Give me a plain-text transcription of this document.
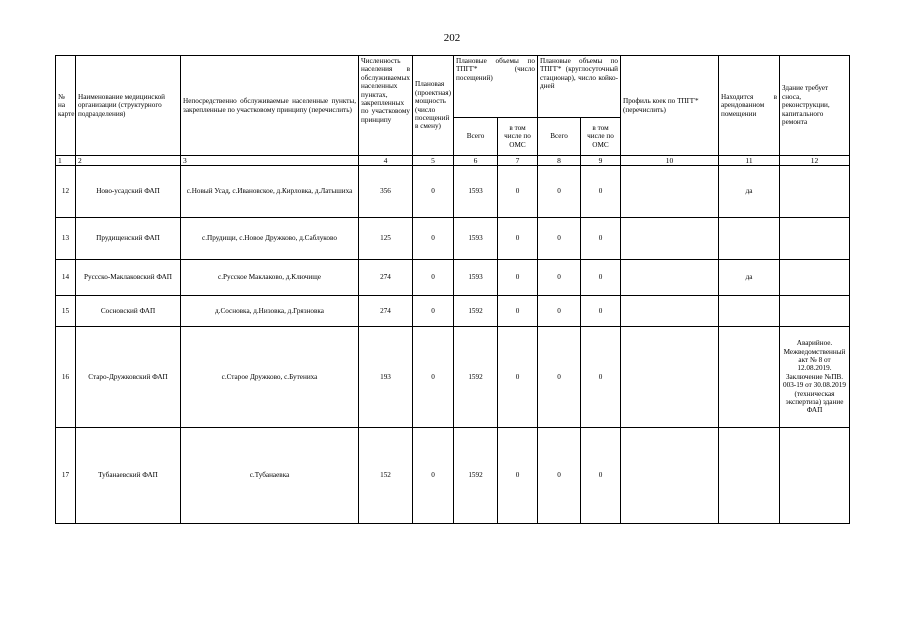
202
№ на карте	Наименование медицинской организации (структурного подразделения)	Непосредственно обслуживаемые населенные пункты, закрепленные по участковому принципу (перечислить)	Численность населения в обслуживаемых населенных пунктах, закрепленных по участковому принципу	Плановая (проектная) мощность (число посещений в смену)	Плановые объемы по ТПГГ* (число посещений)		Плановые объемы по ТПГГ* (круглосуточный стационар), число койко-дней		Профиль коек по ТПГГ* (перечислить)	Находится в арендованном помещении	Здание требует сноса, реконструкции, капитального ремонта
					Всего	в том числе по ОМС	Всего	в том числе по ОМС			
1	2	3	4	5	6	7	8	9	10	11	12
12	Ново-усадский ФАП	с.Новый Усад, с.Ивановское, д.Кирловка, д.Латышиха	356	0	1593	0	0	0		да	
13	Прудищенский ФАП	с.Прудищи, с.Новое Дружково, д.Саблуково	125	0	1593	0	0	0			
14	Руссско-Маклаковский ФАП	с.Русское Маклаково, д.Ключище	274	0	1593	0	0	0		да	
15	Сосновский ФАП	д.Сосновка, д.Низовка, д.Грязновка	274	0	1592	0	0	0			
16	Старо-Дружковский ФАП	с.Старое Дружково, с.Бутениха	193	0	1592	0	0	0			Аварийное. Межведомственный акт № 8 от 12.08.2019. Заключение №ПВ. 003-19 от 30.08.2019 (техническая экспертиза) здание ФАП
17	Тубанаевский ФАП	с.Тубанаевка	152	0	1592	0	0	0			
